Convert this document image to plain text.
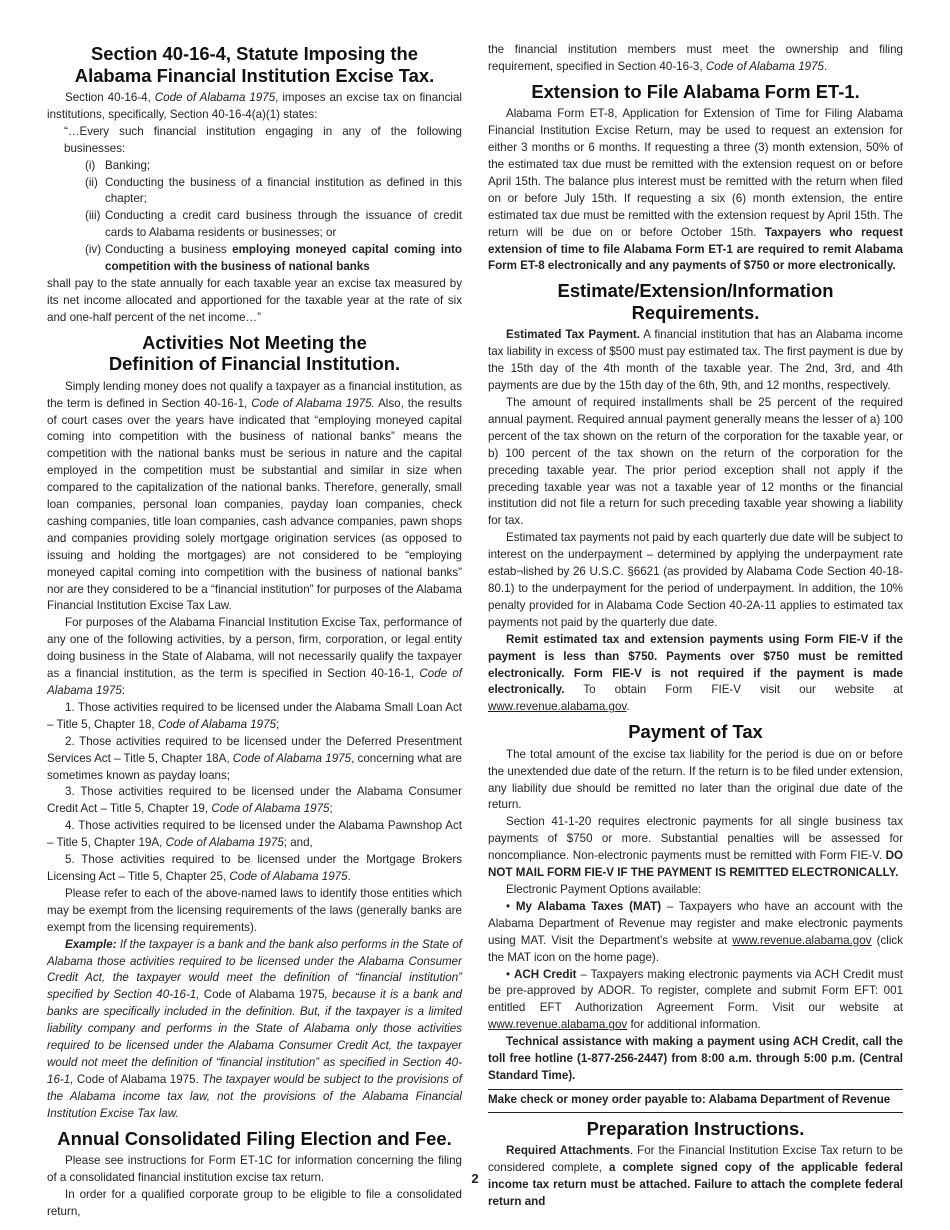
Section 40-16-4, Statute Imposing the
Alabama Financial Institution Excise Tax.

Section 40-16-4, Code of Alabama 1975, imposes an excise tax on financial institutions, specifically, Section 40-16-4(a)(1) states:

“…Every such financial institution engaging in any of the following businesses:

(i) Banking;
(ii) Conducting the business of a financial institution as defined in this chapter;
(iii) Conducting a credit card business through the issuance of credit cards to Alabama residents or businesses; or
(iv) Conducting a business employing moneyed capital coming into competition with the business of national banks

shall pay to the state annually for each taxable year an excise tax measured by its net income allocated and apportioned for the taxable year at the rate of six and one-half percent of the net income…”

Activities Not Meeting the
Definition of Financial Institution.

Simply lending money does not qualify a taxpayer as a financial institution, as the term is defined in Section 40-16-1, Code of Alabama 1975. Also, the results of court cases over the years have indicated that “employing moneyed capital coming into competition with the business of national banks” means the competition with the national banks must be serious in nature and the capital employed in the competition must be substantial and similar in size when compared to the capitalization of the national banks. Therefore, generally, small loan companies, personal loan companies, payday loan companies, check cashing companies, title loan companies, cash advance companies, pawn shops and companies providing solely mortgage origination services (as opposed to issuing and holding the mortgages) are not considered to be “employing moneyed capital coming into competition with the business of national banks” nor are they considered to be a “financial institution” for purposes of the Alabama Financial Institution Excise Tax Law.

For purposes of the Alabama Financial Institution Excise Tax, performance of any one of the following activities, by a person, firm, corporation, or legal entity doing business in the State of Alabama, will not necessarily qualify the taxpayer as a financial institution, as the term is specified in Section 40-16-1, Code of Alabama 1975:

1. Those activities required to be licensed under the Alabama Small Loan Act – Title 5, Chapter 18, Code of Alabama 1975;

2. Those activities required to be licensed under the Deferred Presentment Services Act – Title 5, Chapter 18A, Code of Alabama 1975, concerning what are sometimes known as payday loans;

3. Those activities required to be licensed under the Alabama Consumer Credit Act – Title 5, Chapter 19, Code of Alabama 1975;

4. Those activities required to be licensed under the Alabama Pawnshop Act – Title 5, Chapter 19A, Code of Alabama 1975; and,

5. Those activities required to be licensed under the Mortgage Brokers Licensing Act – Title 5, Chapter 25, Code of Alabama 1975.

Please refer to each of the above-named laws to identify those entities which may be exempt from the licensing requirements of the laws (generally banks are exempt from the licensing requirements).

Example: If the taxpayer is a bank and the bank also performs in the State of Alabama those activities required to be licensed under the Alabama Consumer Credit Act, the taxpayer would meet the definition of “financial institution” specified by Section 40-16-1, Code of Alabama 1975, because it is a bank and banks are specifically included in the definition. But, if the taxpayer is a limited liability company and performs in the State of Alabama only those activities required to be licensed under the Alabama Consumer Credit Act, the taxpayer would not meet the definition of “financial institution” as specified in Section 40-16-1, Code of Alabama 1975. The taxpayer would be subject to the provisions of the Alabama income tax law, not the provisions of the Alabama Financial Institution Excise Tax law.

Annual Consolidated Filing Election and Fee.

Please see instructions for Form ET-1C for information concerning the filing of a consolidated financial institution excise tax return.

In order for a qualified corporate group to be eligible to file a consolidated return,

the financial institution members must meet the ownership and filing requirement, specified in Section 40-16-3, Code of Alabama 1975.

Extension to File Alabama Form ET-1.

Alabama Form ET-8, Application for Extension of Time for Filing Alabama Financial Institution Excise Return, may be used to request an extension for either 3 months or 6 months. If requesting a three (3) month extension, 50% of the estimated tax due must be remitted with the extension request on or before April 15th. The balance plus interest must be remitted with the return when filed on or before July 15th. If requesting a six (6) month extension, the entire estimated tax due must be remitted with the extension request by April 15th. The return will be due on or before October 15th. Taxpayers who request extension of time to file Alabama Form ET-1 are required to remit Alabama Form ET-8 electronically and any payments of $750 or more electronically.

Estimate/Extension/Information
Requirements.

Estimated Tax Payment. A financial institution that has an Alabama income tax liability in excess of $500 must pay estimated tax. The first payment is due by the 15th day of the 4th month of the taxable year. The 2nd, 3rd, and 4th payments are due by the 15th day of the 6th, 9th, and 12 months, respectively.

The amount of required installments shall be 25 percent of the required annual payment. Required annual payment generally means the lesser of a) 100 percent of the tax shown on the return of the corporation for the taxable year, or b) 100 percent of the tax shown on the return of the corporation for the preceding taxable year. The prior period exception shall not apply if the preceding taxable year was not a taxable year of 12 months or the financial institution did not file a return for such preceding taxable year showing a liability for tax.

Estimated tax payments not paid by each quarterly due date will be subject to interest on the underpayment – determined by applying the underpayment rate estab¬lished by 26 U.S.C. §6621 (as provided by Alabama Code Section 40-18-80.1) to the underpayment for the period of underpayment. In addition, the 10% penalty provided for in Alabama Code Section 40-2A-11 applies to estimated tax payments not paid by the quarterly due date.

Remit estimated tax and extension payments using Form FIE-V if the payment is less than $750. Payments over $750 must be remitted electronically. Form FIE-V is not required if the payment is made electronically. To obtain Form FIE-V visit our website at www.revenue.alabama.gov.

Payment of Tax

The total amount of the excise tax liability for the period is due on or before the unextended due date of the return. If the return is to be filed under extension, any liability due should be remitted no later than the original due date of the return.

Section 41-1-20 requires electronic payments for all single business tax payments of $750 or more. Substantial penalties will be assessed for noncompliance. Non-electronic payments must be remitted with Form FIE-V. DO NOT MAIL FORM FIE-V IF THE PAYMENT IS REMITTED ELECTRONICALLY.

Electronic Payment Options available:

• My Alabama Taxes (MAT) – Taxpayers who have an account with the Alabama Department of Revenue may register and make electronic payments using MAT. Visit the Department’s website at www.revenue.alabama.gov (click the MAT icon on the home page).

• ACH Credit – Taxpayers making electronic payments via ACH Credit must be pre-approved by ADOR. To register, complete and submit Form EFT: 001 entitled EFT Authorization Agreement Form. Visit our website at www.revenue.alabama.gov for additional information.

Technical assistance with making a payment using ACH Credit, call the toll free hotline (1-877-256-2447) from 8:00 a.m. through 5:00 p.m. (Central Standard Time).

Make check or money order payable to: Alabama Department of Revenue
Preparation Instructions.

Required Attachments. For the Financial Institution Excise Tax return to be considered complete, a complete signed copy of the applicable federal income tax return must be attached. Failure to attach the complete federal return and

2
